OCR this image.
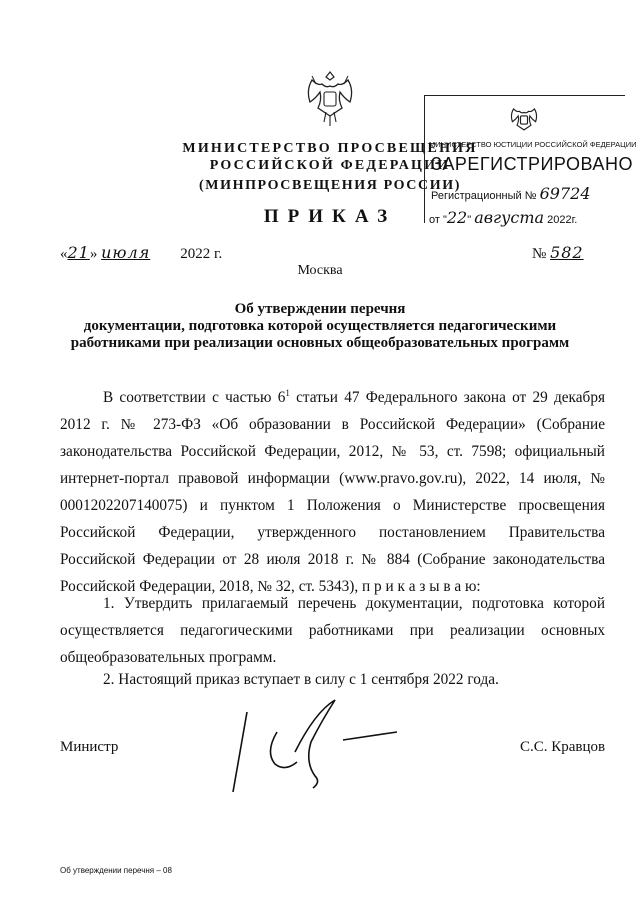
МИНИСТЕРСТВО ПРОСВЕЩЕНИЯ
РОССИЙСКОЙ ФЕДЕРАЦИИ
(МИНПРОСВЕЩЕНИЯ РОССИИ)
МИНИСТЕРСТВО ЮСТИЦИИ РОССИЙСКОЙ ФЕДЕРАЦИИ
ЗАРЕГИСТРИРОВАНО
Регистрационный № 69724
от "22" августа 2022г.
ПРИКАЗ
«21» июля 2022 г.	№ 582
Москва
Об утверждении перечня
документации, подготовка которой осуществляется педагогическими
работниками при реализации основных общеобразовательных программ
В соответствии с частью $6^1$ статьи 47 Федерального закона от 29 декабря 2012 г. № 273-ФЗ «Об образовании в Российской Федерации» (Собрание законодательства Российской Федерации, 2012, № 53, ст. 7598; официальный интернет-портал правовой информации (www.pravo.gov.ru), 2022, 14 июля, № 0001202207140075) и пунктом 1 Положения о Министерстве просвещения Российской Федерации, утвержденного постановлением Правительства Российской Федерации от 28 июля 2018 г. № 884 (Собрание законодательства Российской Федерации, 2018, № 32, ст. 5343), п р и к а з ы в а ю:
1. Утвердить прилагаемый перечень документации, подготовка которой осуществляется педагогическими работниками при реализации основных общеобразовательных программ.
2. Настоящий приказ вступает в силу с 1 сентября 2022 года.
Министр	С.С. Кравцов
Об утверждении перечня – 08
